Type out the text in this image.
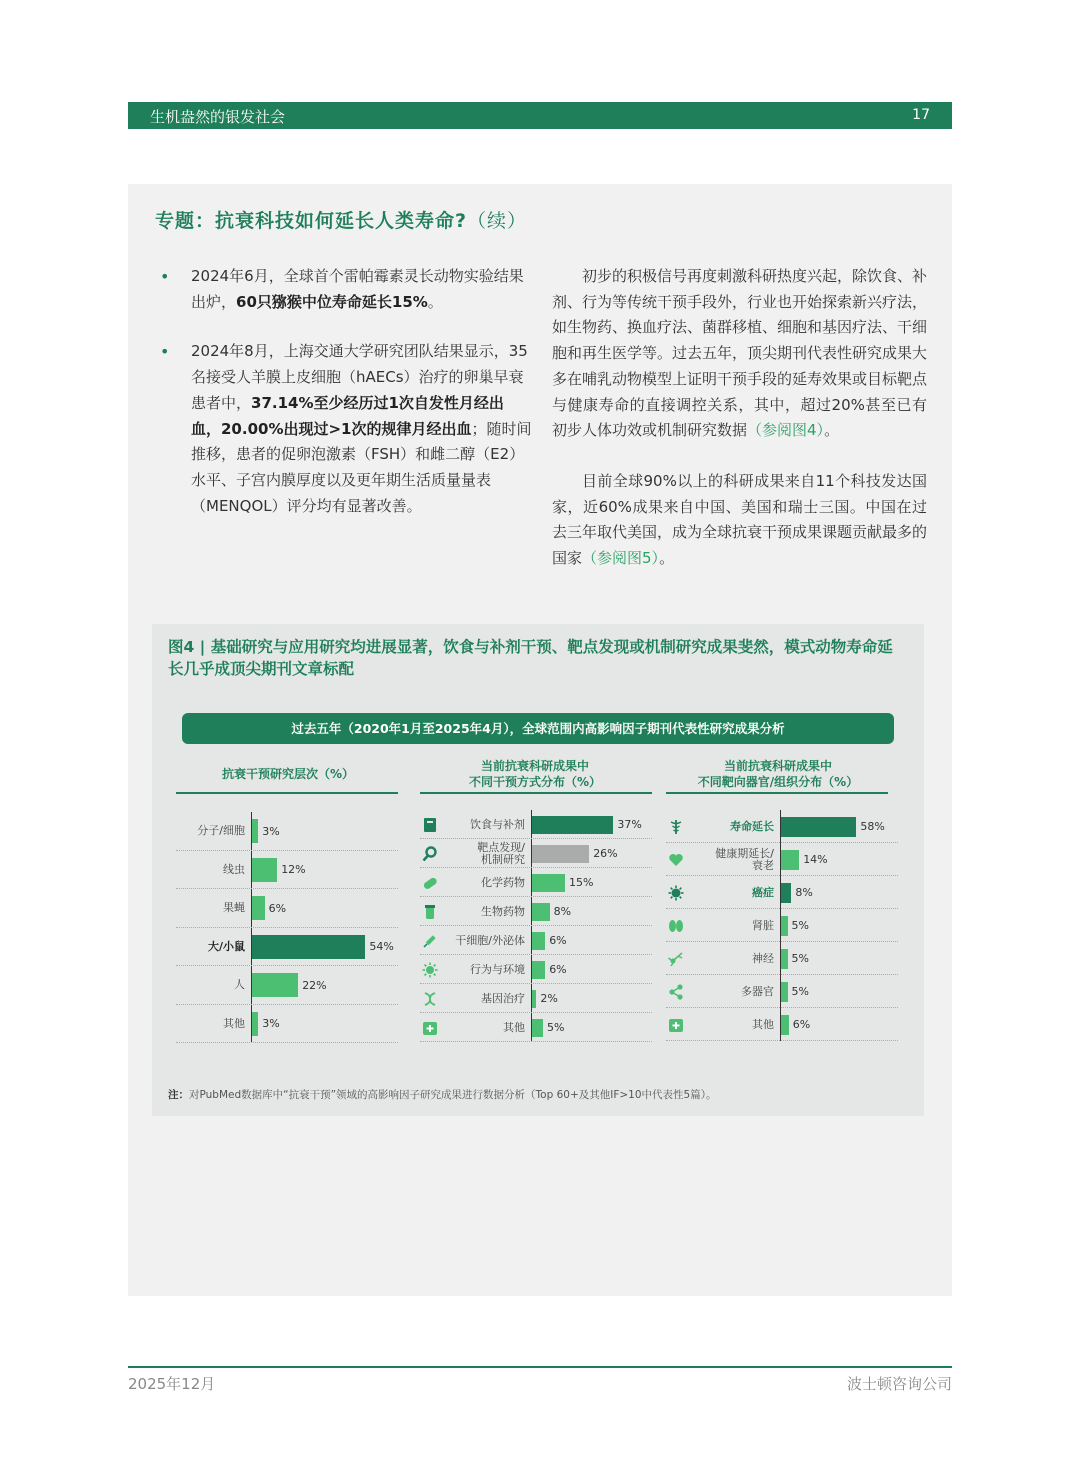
生机盎然的银发社会	17
专题：抗衰科技如何延长人类寿命?（续）
• 2024年6月，全球首个雷帕霉素灵长动物实验结果出炉，60只猕猴中位寿命延长15%。
• 2024年8月，上海交通大学研究团队结果显示，35名接受人羊膜上皮细胞（hAECs）治疗的卵巢早衰患者中，37.14%至少经历过1次自发性月经出血，20.00%出现过>1次的规律月经出血；随时间推移，患者的促卵泡激素（FSH）和雌二醇（E2）水平、子宫内膜厚度以及更年期生活质量量表（MENQOL）评分均有显著改善。

初步的积极信号再度刺激科研热度兴起，除饮食、补剂、行为等传统干预手段外，行业也开始探索新兴疗法，如生物药、换血疗法、菌群移植、细胞和基因疗法、干细胞和再生医学等。过去五年，顶尖期刊代表性研究成果大多在哺乳动物模型上证明干预手段的延寿效果或目标靶点与健康寿命的直接调控关系，其中，超过20%甚至已有初步人体功效或机制研究数据（参阅图4）。

目前全球90%以上的科研成果来自11个科技发达国家，近60%成果来自中国、美国和瑞士三国。中国在过去三年取代美国，成为全球抗衰干预成果课题贡献最多的国家（参阅图5）。

图4 | 基础研究与应用研究均进展显著，饮食与补剂干预、靶点发现或机制研究成果斐然，模式动物寿命延长几乎成顶尖期刊文章标配
过去五年（2020年1月至2025年4月），全球范围内高影响因子期刊代表性研究成果分析
抗衰干预研究层次（%）
当前抗衰科研成果中
不同干预方式分布（%）
当前抗衰科研成果中
不同靶向器官/组织分布（%）
分子/细胞 3%
线虫	12%
果蝇 6%
大/小鼠	54%
人	22%
其他 3%
饮食与补剂	37%
靶点发现/
机制研究	26%
化学药物	15%
生物药物	8%
干细胞/外泌体 6%
行为与环境 6%
基因治疗 2%
其他 5%
寿命延长	58%
健康期延长/
衰老	14%
癌症 8%
肾脏 5%
神经 5%
多器官 5%
其他 6%
注：对PubMed数据库中“抗衰干预”领域的高影响因子研究成果进行数据分析（Top 60+及其他IF>10中代表性5篇）。
2025年12月	波士顿咨询公司
